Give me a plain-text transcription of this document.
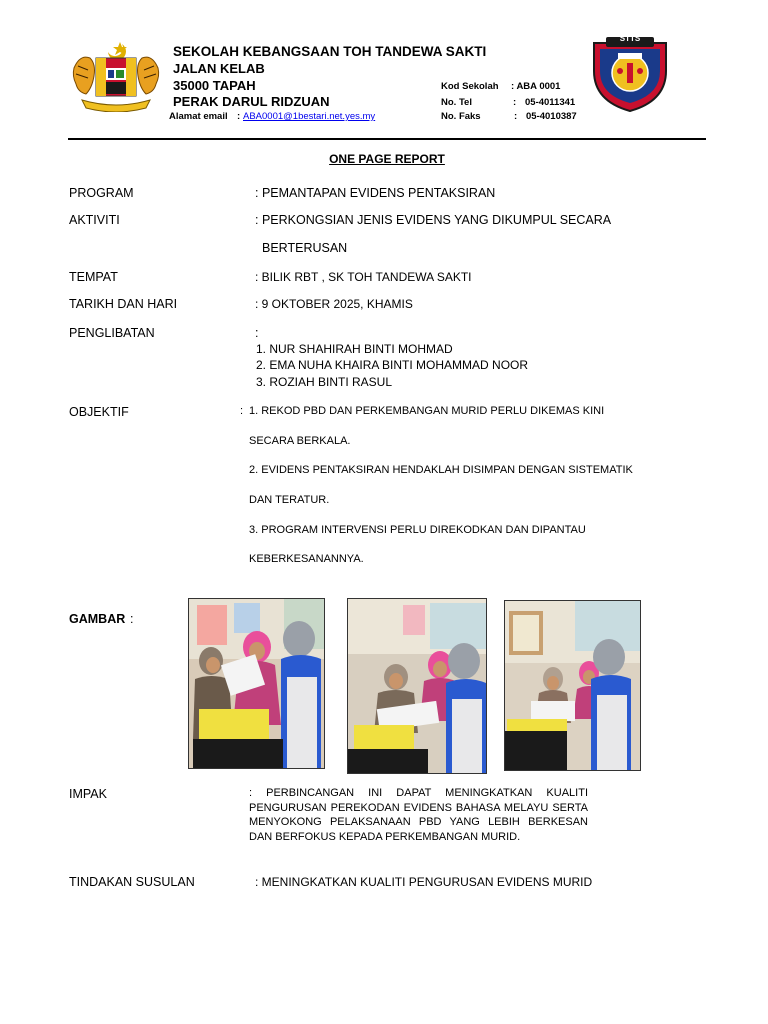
SEKOLAH KEBANGSAAN TOH TANDEWA SAKTI
JALAN KELAB
35000 TAPAH
PERAK DARUL RIDZUAN
Alamat email : ABA0001@1bestari.net.yes.my
Kod Sekolah : ABA 0001
No. Tel	: 05-4011341
No. Faks	: 05-4010387
STTS
ONE PAGE REPORT
PROGRAM	: PEMANTAPAN EVIDENS PENTAKSIRAN
AKTIVITI	: PERKONGSIAN JENIS EVIDENS YANG DIKUMPUL SECARA
BERTERUSAN
TEMPAT	: BILIK RBT , SK TOH TANDEWA SAKTI
TARIKH DAN HARI	: 9 OKTOBER 2025, KHAMIS
PENGLIBATAN	:
1. NUR SHAHIRAH BINTI MOHMAD
2. EMA NUHA KHAIRA BINTI MOHAMMAD NOOR
3. ROZIAH BINTI RASUL
OBJEKTIF	: 1. REKOD PBD DAN PERKEMBANGAN MURID PERLU DIKEMAS KINI
SECARA BERKALA.
2. EVIDENS PENTAKSIRAN HENDAKLAH DISIMPAN DENGAN SISTEMATIK
DAN TERATUR.
3. PROGRAM INTERVENSI PERLU DIREKODKAN DAN DIPANTAU
KEBERKESANANNYA.
GAMBAR :
IMPAK	: PERBINCANGAN INI DAPAT MENINGKATKAN KUALITI PENGURUSAN PEREKODAN EVIDENS BAHASA MELAYU SERTA MENYOKONG PELAKSANAAN PBD YANG LEBIH BERKESAN DAN BERFOKUS KEPADA PERKEMBANGAN MURID.
TINDAKAN SUSULAN	: MENINGKATKAN KUALITI PENGURUSAN EVIDENS MURID
